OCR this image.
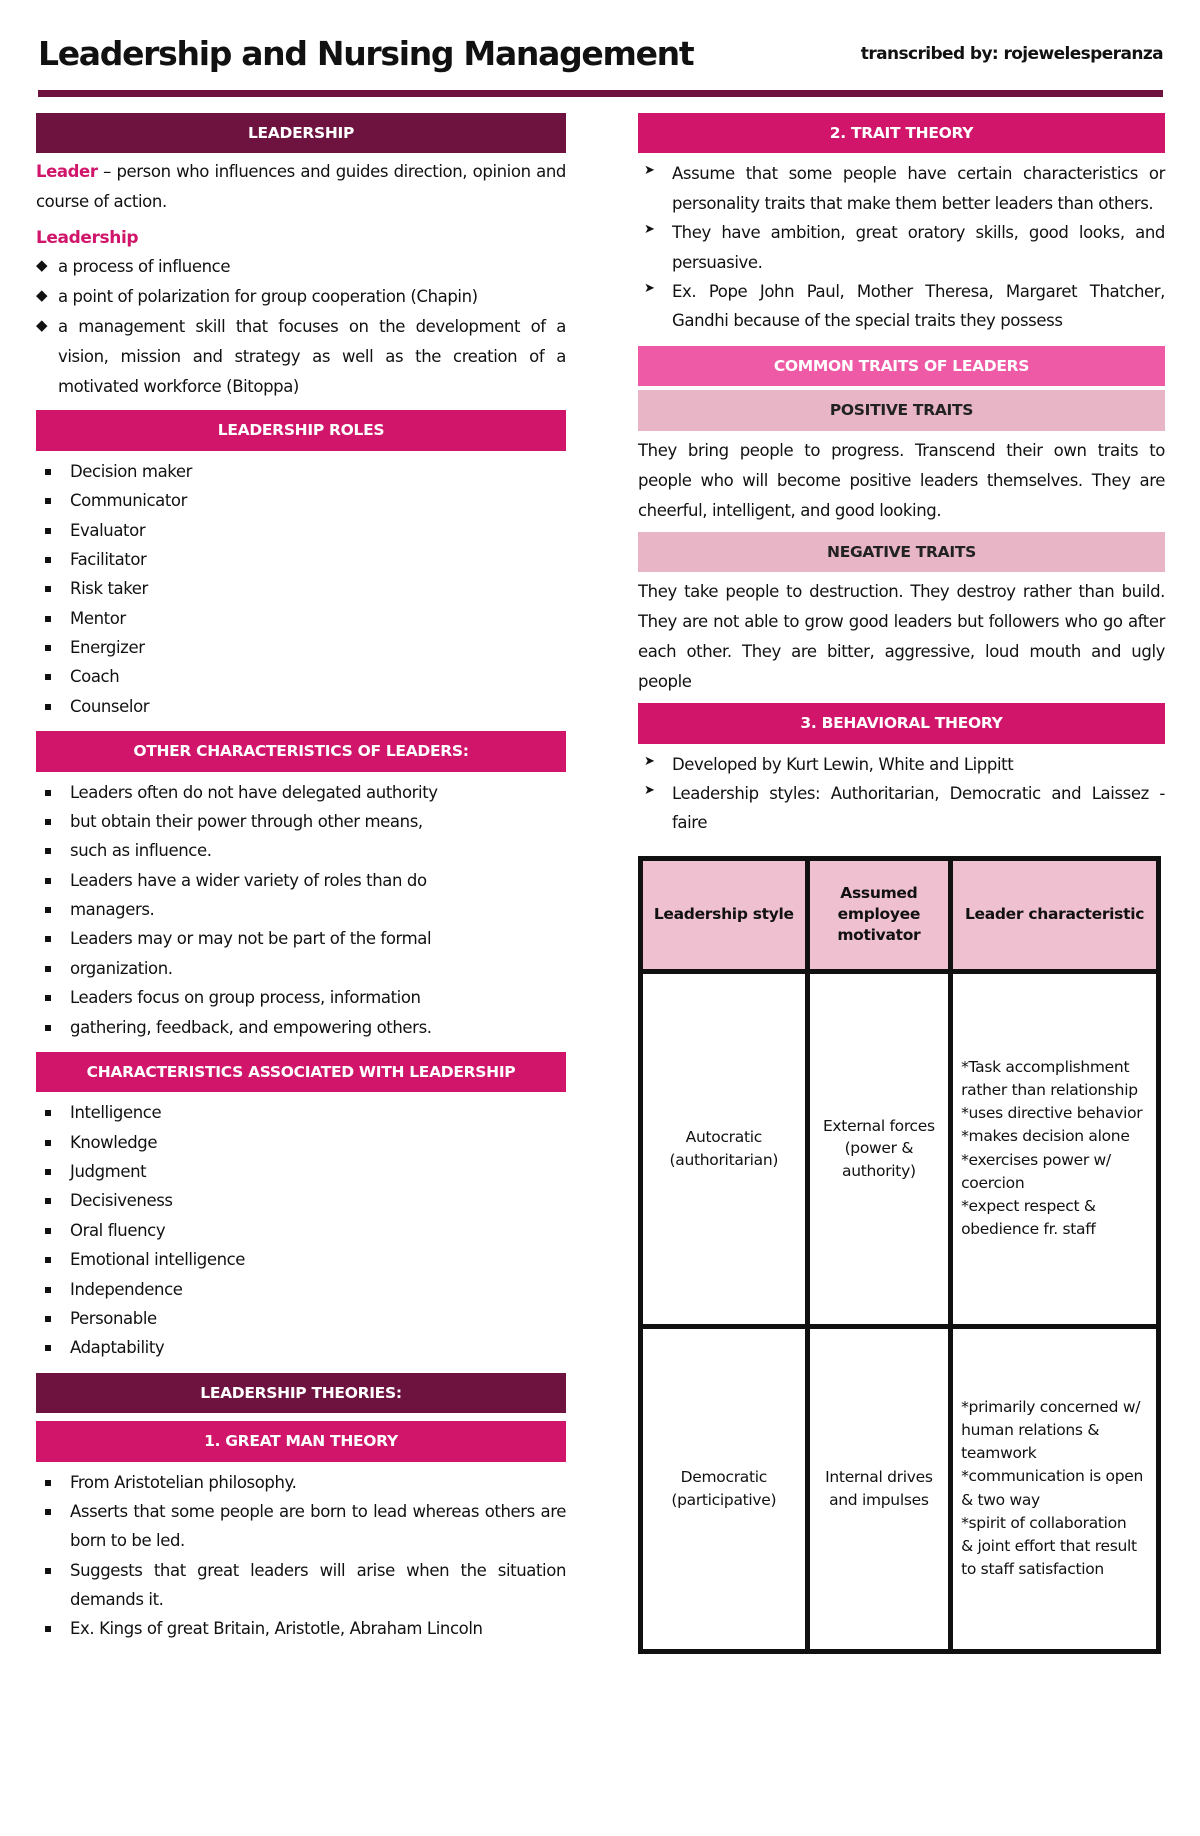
Leadership and Nursing Management	transcribed by: rojewelesperanza
LEADERSHIP
Leader – person who influences and guides direction, opinion and course of action.
Leadership
◆ a process of influence
◆ a point of polarization for group cooperation (Chapin)
◆ a management skill that focuses on the development of a vision, mission and strategy as well as the creation of a motivated workforce (Bitoppa)
LEADERSHIP ROLES
Decision maker
Communicator
Evaluator
Facilitator
Risk taker
Mentor
Energizer
Coach
Counselor
OTHER CHARACTERISTICS OF LEADERS:
Leaders often do not have delegated authority
but obtain their power through other means,
such as influence.
Leaders have a wider variety of roles than do
managers.
Leaders may or may not be part of the formal
organization.
Leaders focus on group process, information
gathering, feedback, and empowering others.
CHARACTERISTICS ASSOCIATED WITH LEADERSHIP
Intelligence
Knowledge
Judgment
Decisiveness
Oral fluency
Emotional intelligence
Independence
Personable
Adaptability
LEADERSHIP THEORIES:
1. GREAT MAN THEORY
From Aristotelian philosophy.
Asserts that some people are born to lead whereas others are born to be led.
Suggests that great leaders will arise when the situation demands it.
Ex. Kings of great Britain, Aristotle, Abraham Lincoln
2. TRAIT THEORY
➤ Assume that some people have certain characteristics or personality traits that make them better leaders than others.
➤ They have ambition, great oratory skills, good looks, and persuasive.
➤ Ex. Pope John Paul, Mother Theresa, Margaret Thatcher, Gandhi because of the special traits they possess
COMMON TRAITS OF LEADERS
POSITIVE TRAITS
They bring people to progress. Transcend their own traits to people who will become positive leaders themselves. They are cheerful, intelligent, and good looking.
NEGATIVE TRAITS
They take people to destruction. They destroy rather than build. They are not able to grow good leaders but followers who go after each other. They are bitter, aggressive, loud mouth and ugly people
3. BEHAVIORAL THEORY
➤ Developed by Kurt Lewin, White and Lippitt
➤ Leadership styles: Authoritarian, Democratic and Laissez - faire
Leadership style	Assumed employee motivator	Leader characteristic
Autocratic (authoritarian)	External forces (power & authority)	*Task accomplishment rather than relationship
*uses directive behavior
*makes decision alone
*exercises power w/ coercion
*expect respect & obedience fr. staff

Democratic (participative)	Internal drives and impulses	*primarily concerned w/ human relations & teamwork
*communication is open & two way
*spirit of collaboration
& joint effort that result to staff satisfaction
